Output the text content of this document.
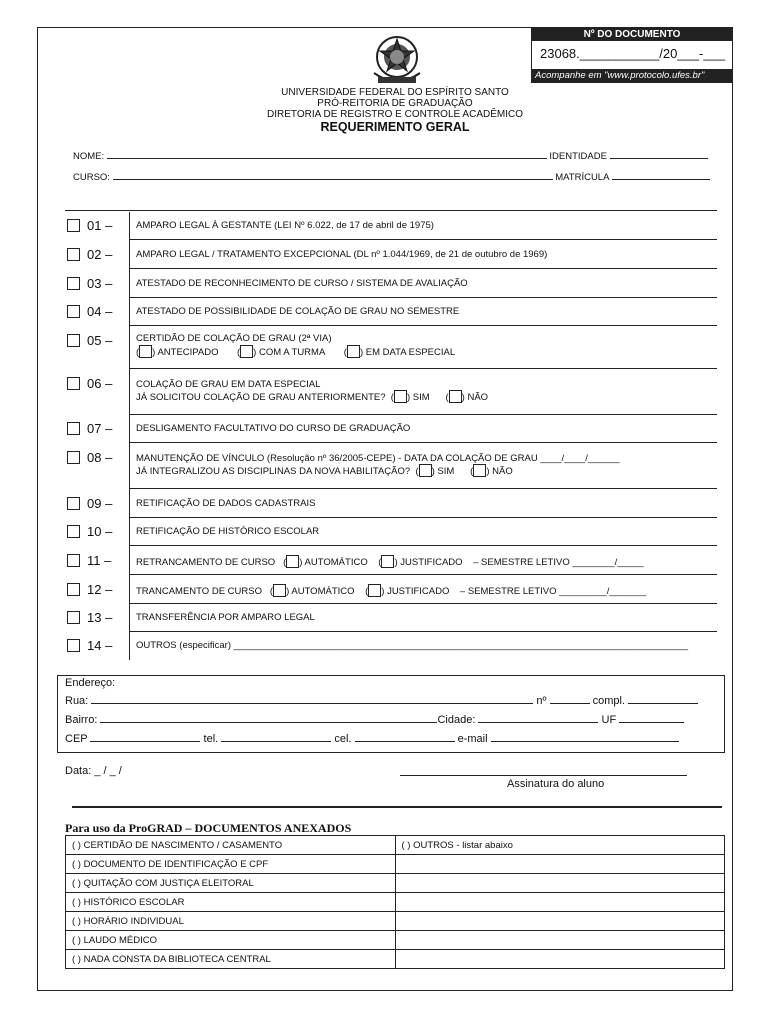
Nº DO DOCUMENTO
23068.___________/20___-___
Acompanhe em "www.protocolo.ufes.br"
UNIVERSIDADE FEDERAL DO ESPÍRITO SANTO
PRÓ-REITORIA DE GRADUAÇÃO
DIRETORIA DE REGISTRO E CONTROLE ACADÊMICO
REQUERIMENTO GERAL
NOME:	IDENTIDADE
CURSO:	MATRÍCULA
01 – AMPARO LEGAL À GESTANTE (LEI Nº 6.022, de 17 de abril de 1975)
02 – AMPARO LEGAL / TRATAMENTO EXCEPCIONAL (DL nº 1.044/1969, de 21 de outubro de 1969)
03 – ATESTADO DE RECONHECIMENTO DE CURSO / SISTEMA DE AVALIAÇÃO
04 – ATESTADO DE POSSIBILIDADE DE COLAÇÃO DE GRAU NO SEMESTRE
05 – CERTIDÃO DE COLAÇÃO DE GRAU (2ª VIA)
( ) ANTECIPADO       ( ) COM A TURMA       ( ) EM DATA ESPECIAL
06 – COLAÇÃO DE GRAU EM DATA ESPECIAL
JÁ SOLICITOU COLAÇÃO DE GRAU ANTERIORMENTE?  ( ) SIM      ( ) NÃO
07 – DESLIGAMENTO FACULTATIVO DO CURSO DE GRADUAÇÃO
08 – MANUTENÇÃO DE VÍNCULO (Resolução nº 36/2005-CEPE) - DATA DA COLAÇÃO DE GRAU ____/____/______
JÁ INTEGRALIZOU AS DISCIPLINAS DA NOVA HABILITAÇÃO?  ( ) SIM      ( ) NÃO
09 – RETIFICAÇÃO DE DADOS CADASTRAIS
10 – RETIFICAÇÃO DE HISTÓRICO ESCOLAR
11 –	RETRANCAMENTO DE CURSO   ( ) AUTOMÁTICO    ( ) JUSTIFICADO – SEMESTRE LETIVO ________/_____
12 – TRANCAMENTO DE CURSO   ( ) AUTOMÁTICO    ( ) JUSTIFICADO – SEMESTRE LETIVO _________/_______
13 – TRANSFERÊNCIA POR AMPARO LEGAL
14 – OUTROS (especificar) ______________________________________________________________________________________
Endereço:
Rua:	nº	compl.
Bairro:	Cidade:	UF
CEP	tel.	cel.	e-mail
Data: _ / _ /
Assinatura do aluno
Para uso da ProGRAD – DOCUMENTOS ANEXADOS
( ) CERTIDÃO DE NASCIMENTO / CASAMENTO	( ) OUTROS - listar abaixo
( ) DOCUMENTO DE IDENTIFICAÇÃO E CPF	
( ) QUITAÇÃO COM JUSTIÇA ELEITORAL	
( ) HISTÓRICO ESCOLAR	
( ) HORÁRIO INDIVIDUAL	
( ) LAUDO MÉDICO	
( ) NADA CONSTA DA BIBLIOTECA CENTRAL	
